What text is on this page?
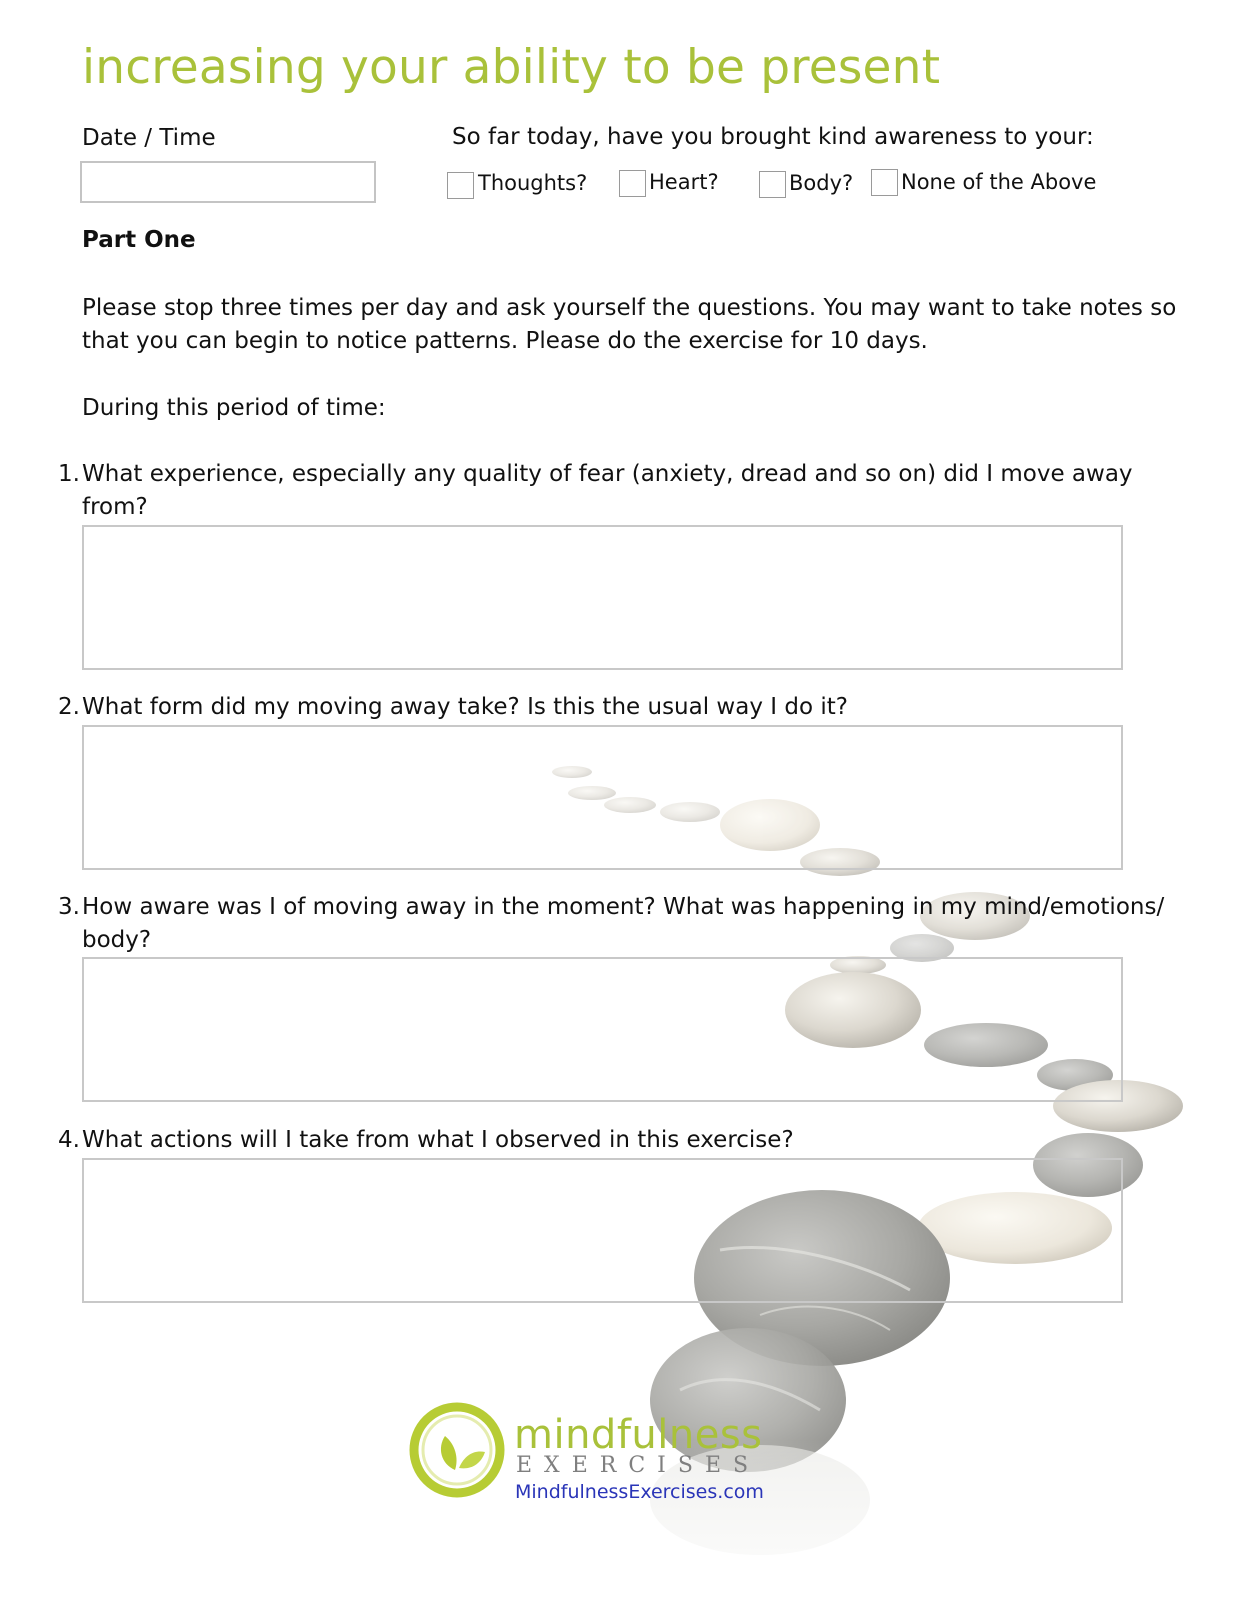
increasing your ability to be present
Date / Time	So far today, have you brought kind awareness to your:
Thoughts?	Heart?	Body? None of the Above
Part One
Please stop three times per day and ask yourself the questions. You may want to take notes so that you can begin to notice patterns. Please do the exercise for 10 days.
During this period of time:
1. What experience, especially any quality of fear (anxiety, dread and so on) did I move away from?
2. What form did my moving away take? Is this the usual way I do it?
3. How aware was I of moving away in the moment? What was happening in my mind/emotions/ body?
4. What actions will I take from what I observed in this exercise?
mindfulness
EXERCISES
MindfulnessExercises.com
